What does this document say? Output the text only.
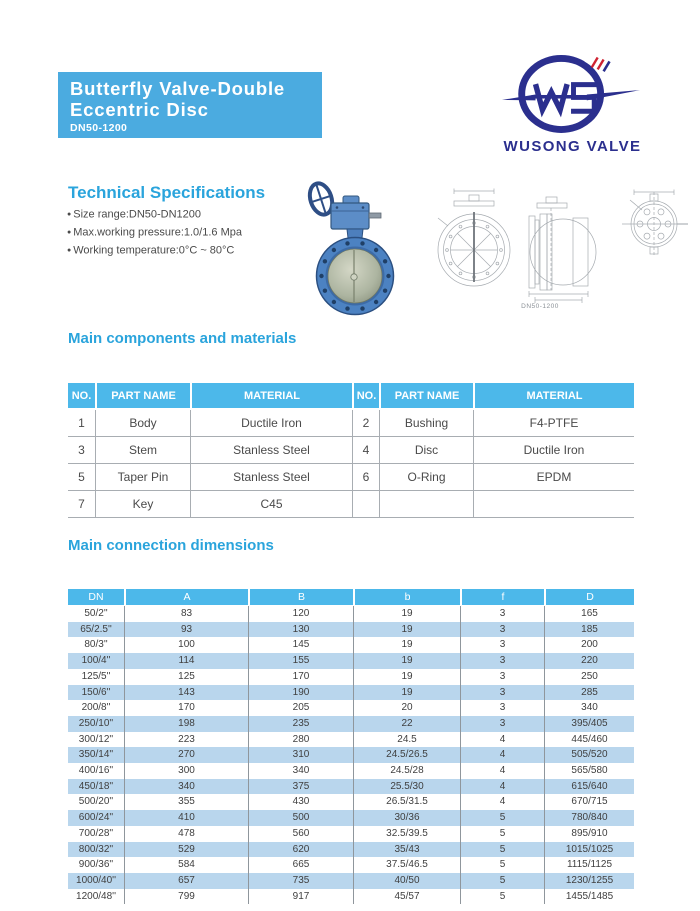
Butterfly Valve-Double
Eccentric Disc
DN50-1200
WUSONG VALVE
Technical Specifications
● Size range:DN50-DN1200
● Max.working pressure:1.0/1.6 Mpa
● Working temperature:0°C ~ 80°C
DN50-1200
Main components and materials
NO.	PART NAME	MATERIAL	NO.	PART NAME	MATERIAL
1	Body	Ductile Iron	2	Bushing	F4-PTFE
3	Stem	Stanless Steel	4	Disc	Ductile Iron
5	Taper Pin	Stanless Steel	6	O-Ring	EPDM
7	Key	C45			
Main connection dimensions
DN	A	B	b	f	D
50/2''	83	120	19	3	165
65/2.5''	93	130	19	3	185
80/3''	100	145	19	3	200
100/4''	114	155	19	3	220
125/5''	125	170	19	3	250
150/6''	143	190	19	3	285
200/8''	170	205	20	3	340
250/10''	198	235	22	3	395/405
300/12''	223	280	24.5	4	445/460
350/14''	270	310	24.5/26.5	4	505/520
400/16''	300	340	24.5/28	4	565/580
450/18''	340	375	25.5/30	4	615/640
500/20''	355	430	26.5/31.5	4	670/715
600/24''	410	500	30/36	5	780/840
700/28''	478	560	32.5/39.5	5	895/910
800/32''	529	620	35/43	5	1015/1025
900/36''	584	665	37.5/46.5	5	1115/1125
1000/40''	657	735	40/50	5	1230/1255
1200/48''	799	917	45/57	5	1455/1485
